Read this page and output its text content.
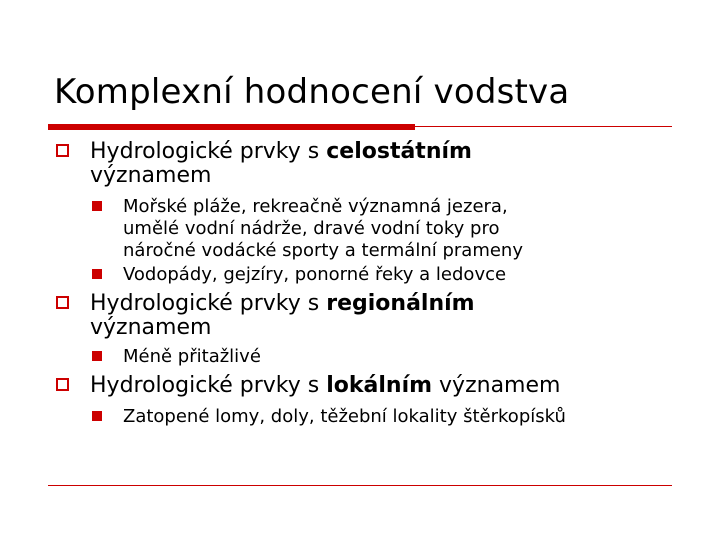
Komplexní hodnocení vodstva
Hydrologické prvky s celostátním
významem
Mořské pláže, rekreačně významná jezera,
umělé vodní nádrže, dravé vodní toky pro
náročné vodácké sporty a termální prameny
Vodopády, gejzíry, ponorné řeky a ledovce
Hydrologické prvky s regionálním
významem
Méně přitažlivé
Hydrologické prvky s lokálním významem
Zatopené lomy, doly, těžební lokality štěrkopísků
